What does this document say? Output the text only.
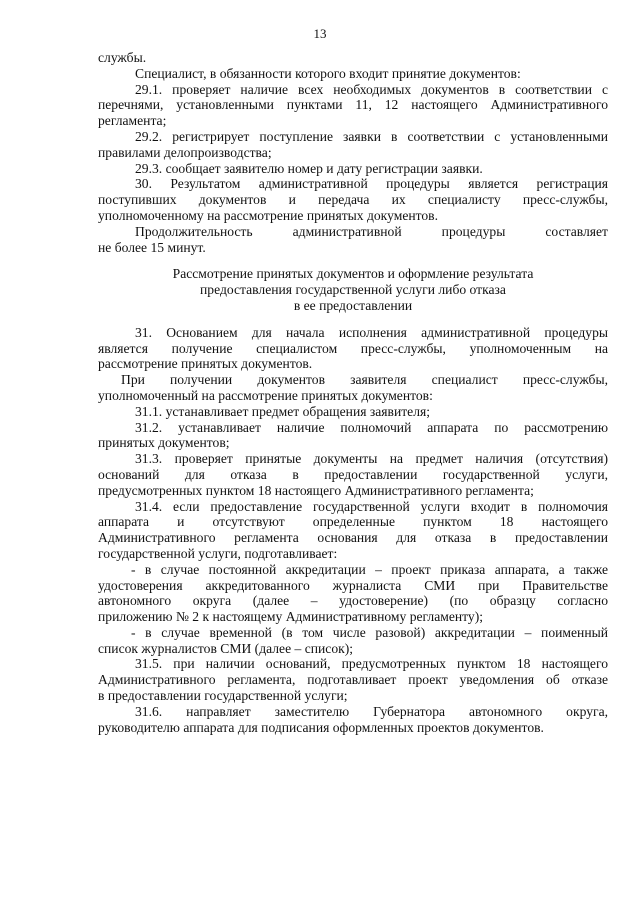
13
службы.
Специалист, в обязанности которого входит принятие документов:
29.1. проверяет наличие всех необходимых документов в соответствии с
перечнями, установленными пунктами 11, 12 настоящего Административного
регламента;
29.2. регистрирует поступление заявки в соответствии с установленными
правилами делопроизводства;
29.3. сообщает заявителю номер и дату регистрации заявки.
30. Результатом административной процедуры является регистрация
поступивших документов и передача их специалисту пресс-службы,
уполномоченному на рассмотрение принятых документов.
Продолжительность административной процедуры составляет
не более 15 минут.
Рассмотрение принятых документов и оформление результата
предоставления государственной услуги либо отказа
в ее предоставлении
31. Основанием для начала исполнения административной процедуры
является получение специалистом пресс-службы, уполномоченным на
рассмотрение принятых документов.
При получении документов заявителя специалист пресс-службы,
уполномоченный на рассмотрение принятых документов:
31.1. устанавливает предмет обращения заявителя;
31.2. устанавливает наличие полномочий аппарата по рассмотрению
принятых документов;
31.3. проверяет принятые документы на предмет наличия (отсутствия)
оснований для отказа в предоставлении государственной услуги,
предусмотренных пунктом 18 настоящего Административного регламента;
31.4. если предоставление государственной услуги входит в полномочия
аппарата и отсутствуют определенные пунктом 18 настоящего
Административного регламента основания для отказа в предоставлении
государственной услуги, подготавливает:
- в случае постоянной аккредитации – проект приказа аппарата, а также
удостоверения аккредитованного журналиста СМИ при Правительстве
автономного округа (далее – удостоверение) (по образцу согласно
приложению № 2 к настоящему Административному регламенту);
- в случае временной (в том числе разовой) аккредитации – поименный
список журналистов СМИ (далее – список);
31.5. при наличии оснований, предусмотренных пунктом 18 настоящего
Административного регламента, подготавливает проект уведомления об отказе
в предоставлении государственной услуги;
31.6. направляет заместителю Губернатора автономного округа,
руководителю аппарата для подписания оформленных проектов документов.
